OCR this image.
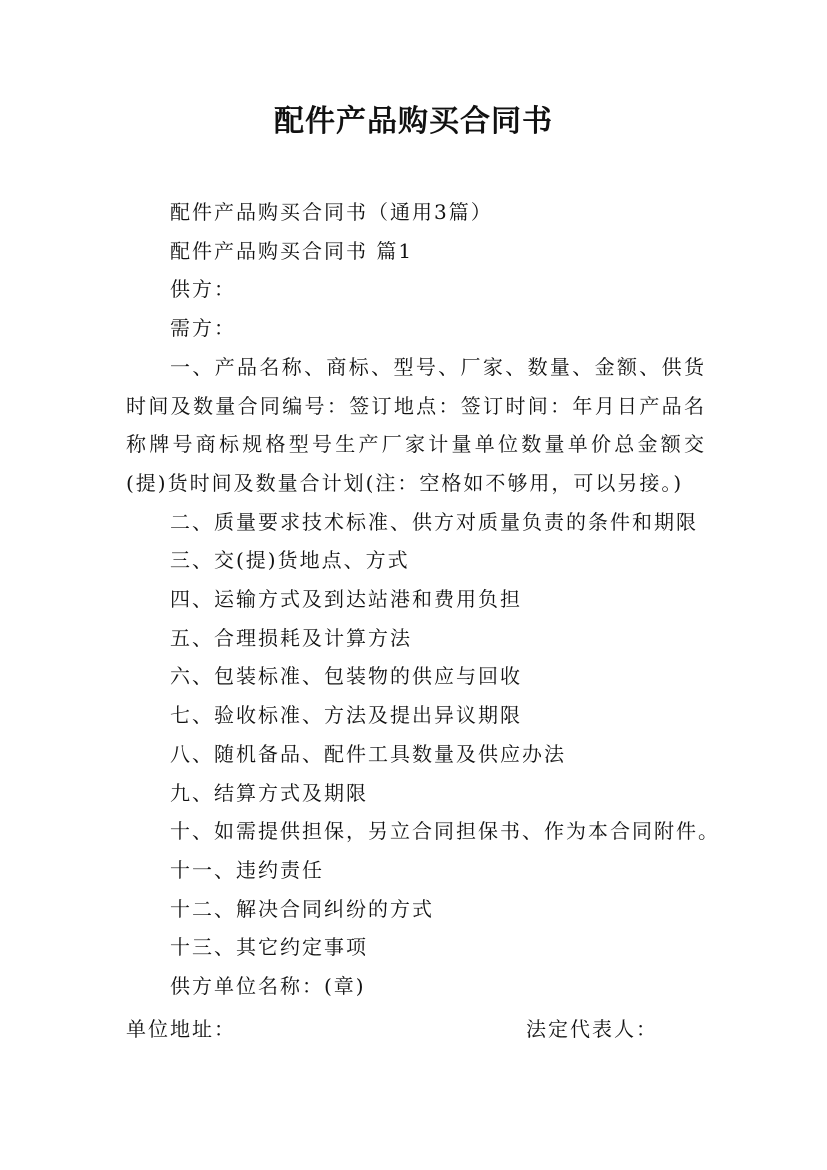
配件产品购买合同书

配件产品购买合同书（通用3篇）

配件产品购买合同书 篇1

供方：

需方：

一、产品名称、商标、型号、厂家、数量、金额、供货时间及数量合同编号：签订地点：签订时间：年月日产品名称牌号商标规格型号生产厂家计量单位数量单价总金额交(提)货时间及数量合计划(注：空格如不够用，可以另接。)

二、质量要求技术标准、供方对质量负责的条件和期限

三、交(提)货地点、方式

四、运输方式及到达站港和费用负担

五、合理损耗及计算方法

六、包装标准、包装物的供应与回收

七、验收标准、方法及提出异议期限

八、随机备品、配件工具数量及供应办法

九、结算方式及期限

十、如需提供担保，另立合同担保书、作为本合同附件。

十一、违约责任

十二、解决合同纠纷的方式

十三、其它约定事项

供方单位名称：(章)

单位地址：	法定代表人：
